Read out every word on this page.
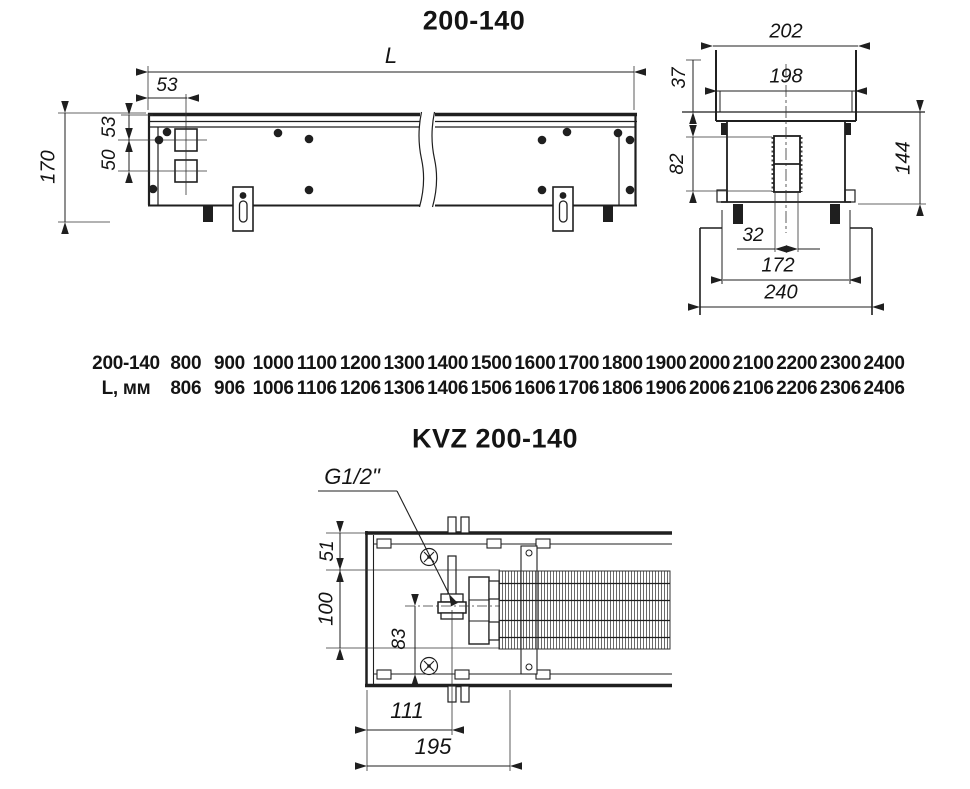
200-140
KVZ 200-140
L
53
170
53
50
202
198
37
82	144
32
172
240
G1/2"
51
100
83
111
195
200-140 800 900 1000 1100 1200 1300 1400 1500 1600 1700 1800 1900 2000 2100 2200 2300 2400
L, мм	806 906 1006 1106 1206 1306 1406 1506 1606 1706 1806 1906 2006 2106 2206 2306 2406
